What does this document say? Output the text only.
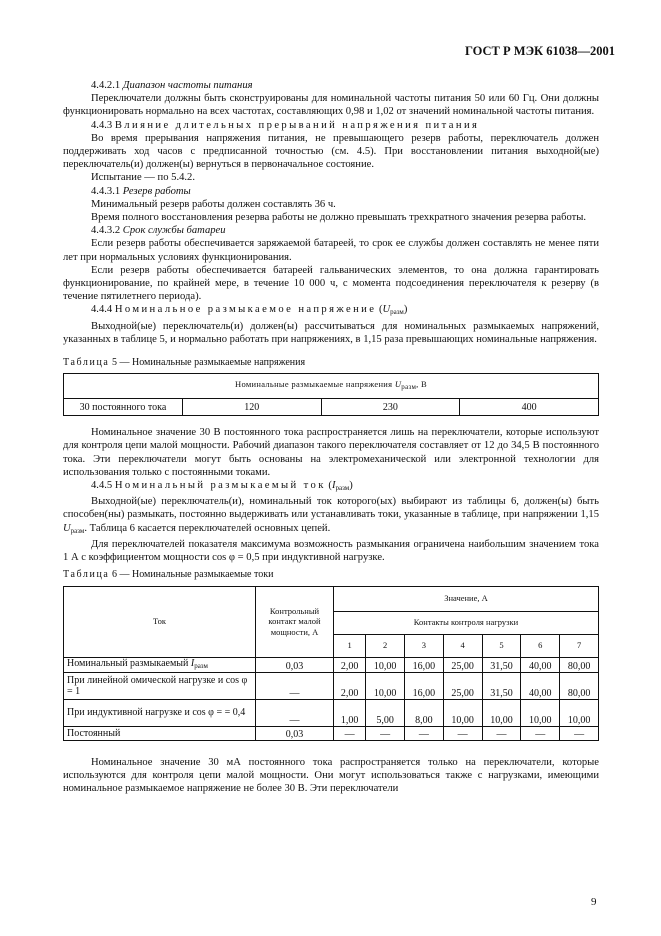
ГОСТ Р МЭК 61038—2001

4.4.2.1 Диапазон частоты питания

Переключатели должны быть сконструированы для номинальной частоты питания 50 или 60 Гц. Они должны функционировать нормально на всех частотах, составляющих 0,98 и 1,02 от значений номинальной частоты питания.

4.4.3 Влияние длительных прерываний напряжения питания

Во время прерывания напряжения питания, не превышающего резерв работы, переключатель должен поддерживать ход часов с предписанной точностью (см. 4.5). При восстановлении питания выходной(ые) переключатель(и) должен(ы) вернуться в первоначальное состояние.

Испытание — по 5.4.2.

4.4.3.1 Резерв работы

Минимальный резерв работы должен составлять 36 ч.

Время полного восстановления резерва работы не должно превышать трехкратного значения резерва работы.

4.4.3.2 Срок службы батареи

Если резерв работы обеспечивается заряжаемой батареей, то срок ее службы должен составлять не менее пяти лет при нормальных условиях функционирования.

Если резерв работы обеспечивается батареей гальванических элементов, то она должна гарантировать функционирование, по крайней мере, в течение 10 000 ч, с момента подсоединения переключателя к резерву (в течение пятилетнего периода).

4.4.4 Номинальное размыкаемое напряжение $(U_{разм})$

Выходной(ые) переключатель(и) должен(ы) рассчитываться для номинальных размыкаемых напряжений, указанных в таблице 5, и нормально работать при напряжениях, в 1,15 раза превышающих номинальные напряжения.

Таблица 5 — Номинальные размыкаемые напряжения
Номинальные размыкаемые напряжения $U_{разм}$, В
30 постоянного тока	120	230	400

Номинальное значение 30 В постоянного тока распространяется лишь на переключатели, которые используют для контроля цепи малой мощности. Рабочий диапазон такого переключателя составляет от 12 до 34,5 В постоянного тока. Эти переключатели могут быть основаны на электромеханической или электронной технологии для использования только с постоянными токами.

4.4.5 Номинальный размыкаемый ток $(I_{разм})$

Выходной(ые) переключатель(и), номинальный ток которого(ых) выбирают из таблицы 6, должен(ы) быть способен(ны) размыкать, постоянно выдерживать или устанавливать токи, указанные в таблице, при напряжении 1,15 $U_{разм}$. Таблица 6 касается переключателей основных цепей.

Для переключателей показателя максимума возможность размыкания ограничена наибольшим значением тока 1 А с коэффициентом мощности cos φ = 0,5 при индуктивной нагрузке.

Таблица 6 — Номинальные размыкаемые токи
Ток	Контрольный контакт малой мощности, А	Значение, А						
		Контакты контроля нагрузки						
		1	2	3	4	5	6	7
Номинальный размыкаемый $I_{разм}$	0,03	2,00	10,00	16,00	25,00	31,50	40,00	80,00
При линейной омической нагрузке и cos φ = 1	—	2,00	10,00	16,00	25,00	31,50	40,00	80,00
При индуктивной нагрузке и cos φ = = 0,4	—	1,00	5,00	8,00	10,00	10,00	10,00	10,00
Постоянный	0,03	—	—	—	—	—	—	—

Номинальное значение 30 мА постоянного тока распространяется только на переключатели, которые используются для контроля цепи малой мощности. Они могут использоваться также с нагрузками, имеющими номинальное размыкаемое напряжение не более 30 В. Эти переключатели

9
